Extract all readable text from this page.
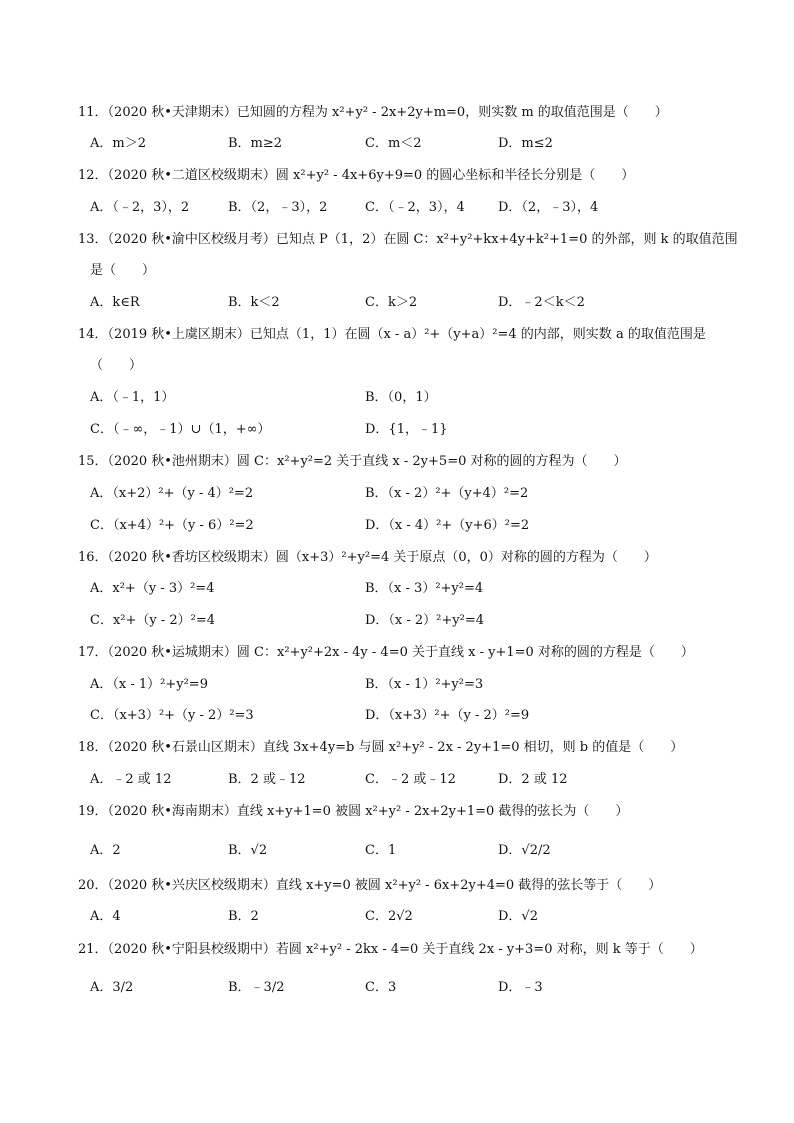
11．（2020 秋•天津期末）已知圆的方程为 x²+y² - 2x+2y+m=0，则实数 m 的取值范围是（　　）
A．m＞2	B．m≥2	C．m＜2	D．m≤2
12．（2020 秋•二道区校级期末）圆 x²+y² - 4x+6y+9=0 的圆心坐标和半径长分别是（　　）
A．（﹣2，3），2	B．（2，﹣3），2	C．（﹣2，3），4	D．（2，﹣3），4
13．（2020 秋•渝中区校级月考）已知点 P（1，2）在圆 C：x²+y²+kx+4y+k²+1=0 的外部，则 k 的取值范围
是（　　）
A．k∈R	B．k＜2	C．k＞2	D．﹣2＜k＜2
14．（2019 秋•上虞区期末）已知点（1，1）在圆（x - a）²+（y+a）²=4 的内部，则实数 a 的取值范围是
（　　）
A．（﹣1，1）	B．（0，1）
C．（﹣∞，﹣1）∪（1，+∞）	D．{1，﹣1}
15．（2020 秋•池州期末）圆 C：x²+y²=2 关于直线 x - 2y+5=0 对称的圆的方程为（　　）
A．（x+2）²+（y - 4）²=2	B．（x - 2）²+（y+4）²=2
C．（x+4）²+（y - 6）²=2	D．（x - 4）²+（y+6）²=2
16．（2020 秋•香坊区校级期末）圆（x+3）²+y²=4 关于原点（0，0）对称的圆的方程为（　　）
A．x²+（y - 3）²=4	B．（x - 3）²+y²=4
C．x²+（y - 2）²=4	D．（x - 2）²+y²=4
17．（2020 秋•运城期末）圆 C：x²+y²+2x - 4y - 4=0 关于直线 x - y+1=0 对称的圆的方程是（　　）
A．（x - 1）²+y²=9	B．（x - 1）²+y²=3
C．（x+3）²+（y - 2）²=3	D．（x+3）²+（y - 2）²=9
18．（2020 秋•石景山区期末）直线 3x+4y=b 与圆 x²+y² - 2x - 2y+1=0 相切，则 b 的值是（　　）
A．﹣2 或 12	B．2 或﹣12	C．﹣2 或﹣12	D．2 或 12
19．（2020 秋•海南期末）直线 x+y+1=0 被圆 x²+y² - 2x+2y+1=0 截得的弦长为（　　）
A．2	B．√2	C．1	D．√2/2
20．（2020 秋•兴庆区校级期末）直线 x+y=0 被圆 x²+y² - 6x+2y+4=0 截得的弦长等于（　　）
A．4	B．2	C．2√2	D．√2
21．（2020 秋•宁阳县校级期中）若圆 x²+y² - 2kx - 4=0 关于直线 2x - y+3=0 对称，则 k 等于（　　）
A．3/2	B．﹣3/2	C．3	D．﹣3
